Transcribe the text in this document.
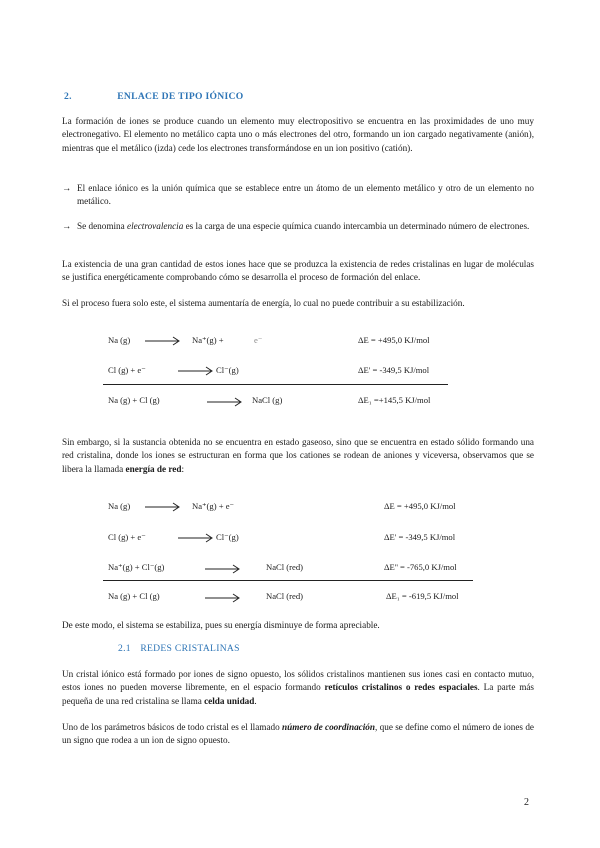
2.	ENLACE DE TIPO IÓNICO
La formación de iones se produce cuando un elemento muy electropositivo se encuentra en las proximidades de uno muy electronegativo. El elemento no metálico capta uno o más electrones del otro, formando un ion cargado negativamente (anión), mientras que el metálico (izda) cede los electrones transformándose en un ion positivo (catión).
→ El enlace iónico es la unión química que se establece entre un átomo de un elemento metálico y otro de un elemento no metálico.
→ Se denomina electrovalencia es la carga de una especie química cuando intercambia un determinado número de electrones.
La existencia de una gran cantidad de estos iones hace que se produzca la existencia de redes cristalinas en lugar de moléculas se justifica energéticamente comprobando cómo se desarrolla el proceso de formación del enlace.
Si el proceso fuera solo este, el sistema aumentaría de energía, lo cual no puede contribuir a su estabilización.
Na (g) → Na⁺(g) +	e⁻	ΔE = +495,0 KJ/mol
Cl (g) + e⁻ → Cl⁻(g)	ΔE' = -349,5 KJ/mol
Na (g) + Cl (g)	→ NaCl (g)	ΔE₁ =+145,5 KJ/mol
Sin embargo, si la sustancia obtenida no se encuentra en estado gaseoso, sino que se encuentra en estado sólido formando una red cristalina, donde los iones se estructuran en forma que los cationes se rodean de aniones y viceversa, observamos que se libera la llamada energía de red:
Na (g) → Na⁺(g) + e⁻	ΔE = +495,0 KJ/mol
Cl (g) + e⁻ → Cl⁻(g)	ΔE' = -349,5 KJ/mol
Na⁺(g) + Cl⁻(g)	NaCl (red)	ΔE'' = -765,0 KJ/mol
Na (g) + Cl (g)	NaCl (red)	ΔE₁ = -619,5 KJ/mol
De este modo, el sistema se estabiliza, pues su energía disminuye de forma apreciable.
2.1 REDES CRISTALINAS
Un cristal iónico está formado por iones de signo opuesto, los sólidos cristalinos mantienen sus iones casi en contacto mutuo, estos iones no pueden moverse libremente, en el espacio formando retículos cristalinos o redes espaciales. La parte más pequeña de una red cristalina se llama celda unidad.
Uno de los parámetros básicos de todo cristal es el llamado número de coordinación, que se define como el número de iones de un signo que rodea a un ion de signo opuesto.
2
